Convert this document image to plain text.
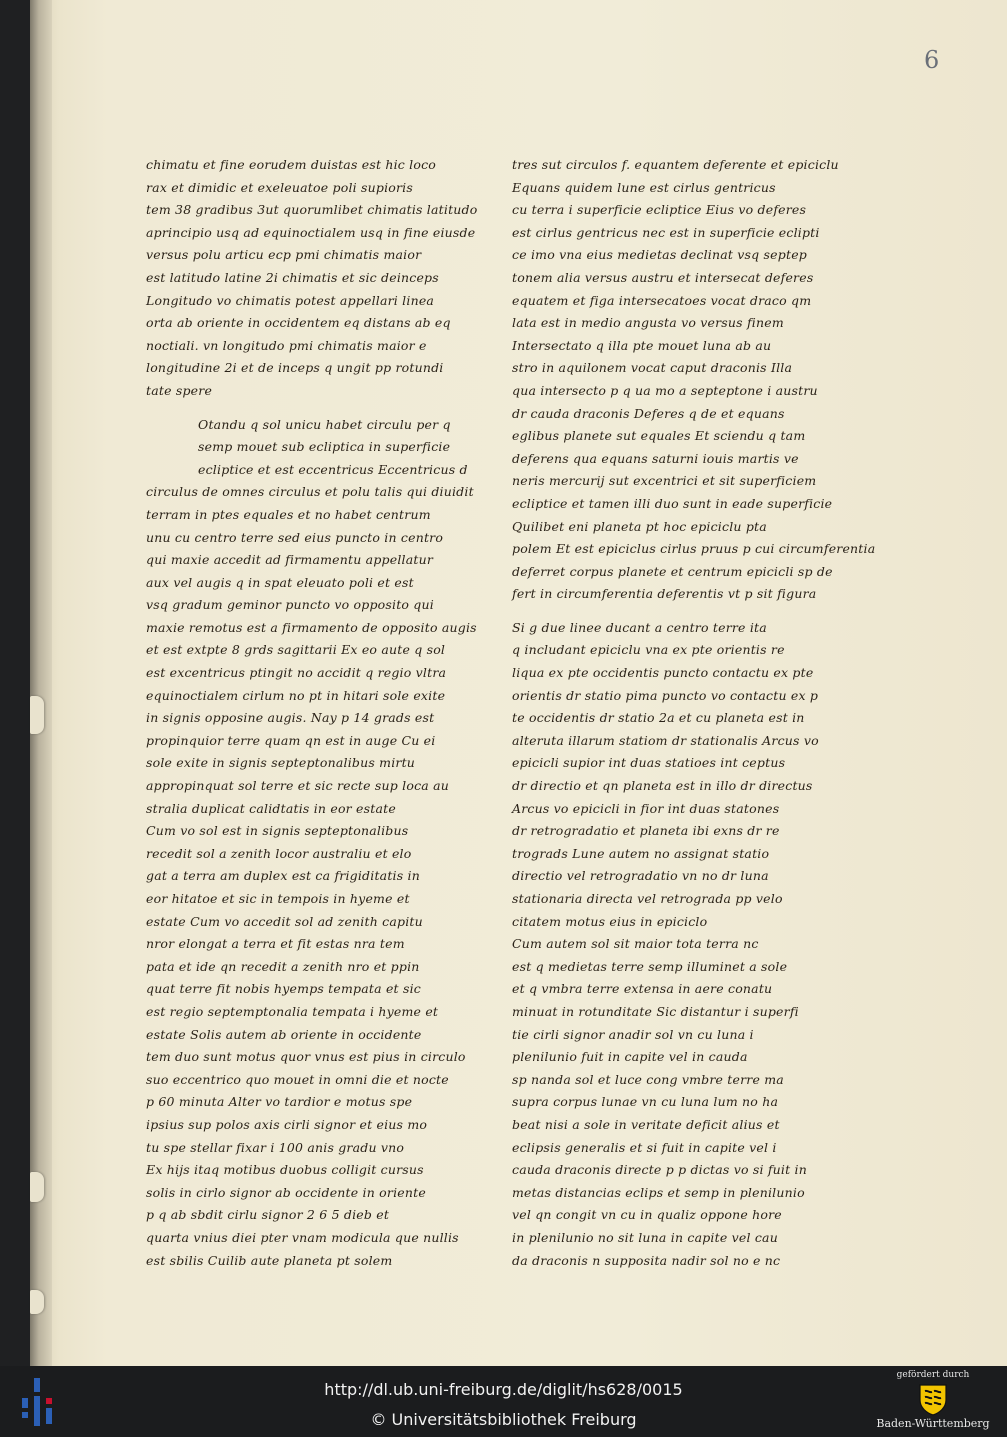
6
chimatu et fine eorudem duistas est hic loco
rax et dimidic et exeleuatoe poli supioris
tem 38 gradibus 3ut quorumlibet chimatis latitudo
aprincipio usq ad equinoctialem usq in fine eiusde
versus polu articu ecp pmi chimatis maior
est latitudo latine 2i chimatis et sic deinceps
Longitudo vo chimatis potest appellari linea
orta ab oriente in occidentem eq distans ab eq
noctiali. vn longitudo pmi chimatis maior e
longitudine 2i et de inceps q ungit pp rotundi
tate spere
Otandu q sol unicu habet circulu per q
semp mouet sub ecliptica in superficie
ecliptice et est eccentricus Eccentricus d
circulus de omnes circulus et polu talis qui diuidit
terram in ptes equales et no habet centrum
unu cu centro terre sed eius puncto in centro
qui maxie accedit ad firmamentu appellatur
aux vel augis q in spat eleuato poli et est
vsq gradum geminor puncto vo opposito qui
maxie remotus est a firmamento de opposito augis
et est extpte 8 grds sagittarii Ex eo aute q sol
est excentricus ptingit no accidit q regio vltra
equinoctialem cirlum no pt in hitari sole exite
in signis opposine augis. Nay p 14 grads est
propinquior terre quam qn est in auge Cu ei
sole exite in signis septeptonalibus mirtu
appropinquat sol terre et sic recte sup loca au
stralia duplicat calidtatis in eor estate
Cum vo sol est in signis septeptonalibus
recedit sol a zenith locor australiu et elo
gat a terra am duplex est ca frigiditatis in
eor hitatoe et sic in tempois in hyeme et
estate Cum vo accedit sol ad zenith capitu
nror elongat a terra et fit estas nra tem
pata et ide qn recedit a zenith nro et ppin
quat terre fit nobis hyemps tempata et sic
est regio septemptonalia tempata i hyeme et
estate Solis autem ab oriente in occidente
tem duo sunt motus quor vnus est pius in circulo
suo eccentrico quo mouet in omni die et nocte
p 60 minuta Alter vo tardior e motus spe
ipsius sup polos axis cirli signor et eius mo
tu spe stellar fixar i 100 anis gradu vno
Ex hijs itaq motibus duobus colligit cursus
solis in cirlo signor ab occidente in oriente
p q ab sbdit cirlu signor 2 6 5 dieb et
quarta vnius diei pter vnam modicula que nullis
est sbilis Cuilib aute planeta pt solem
tres sut circulos f. equantem deferente et epiciclu
Equans quidem lune est cirlus gentricus
cu terra i superficie ecliptice Eius vo deferes
est cirlus gentricus nec est in superficie eclipti
ce imo vna eius medietas declinat vsq septep
tonem alia versus austru et intersecat deferes
equatem et figa intersecatoes vocat draco qm
lata est in medio angusta vo versus finem
Intersectato q illa pte mouet luna ab au
stro in aquilonem vocat caput draconis Illa
qua intersecto p q ua mo a septeptone i austru
dr cauda draconis Deferes q de et equans
eglibus planete sut equales Et sciendu q tam
deferens qua equans saturni iouis martis ve
neris mercurij sut excentrici et sit superficiem
ecliptice et tamen illi duo sunt in eade superficie
Quilibet eni planeta pt hoc epiciclu pta
polem Et est epiciclus cirlus pruus p cui circumferentia
deferret corpus planete et centrum epicicli sp de
fert in circumferentia deferentis vt p sit figura
Si g due linee ducant a centro terre ita
q includant epiciclu vna ex pte orientis re
liqua ex pte occidentis puncto contactu ex pte
orientis dr statio pima puncto vo contactu ex p
te occidentis dr statio 2a et cu planeta est in
alteruta illarum statiom dr stationalis Arcus vo
epicicli supior int duas statioes int ceptus
dr directio et qn planeta est in illo dr directus
Arcus vo epicicli in fior int duas statones
dr retrogradatio et planeta ibi exns dr re
trograds Lune autem no assignat statio
directio vel retrogradatio vn no dr luna
stationaria directa vel retrograda pp velo
citatem motus eius in epiciclo
Cum autem sol sit maior tota terra nc
est q medietas terre semp illuminet a sole
et q vmbra terre extensa in aere conatu
minuat in rotunditate Sic distantur i superfi
tie cirli signor anadir sol vn cu luna i
plenilunio fuit in capite vel in cauda
sp nanda sol et luce cong vmbre terre ma
supra corpus lunae vn cu luna lum no ha
beat nisi a sole in veritate deficit alius et
eclipsis generalis et si fuit in capite vel i
cauda draconis directe p p dictas vo si fuit in
metas distancias eclips et semp in plenilunio
vel qn congit vn cu in qualiz oppone hore
in plenilunio no sit luna in capite vel cau
da draconis n supposita nadir sol no e nc
http://dl.ub.uni-freiburg.de/diglit/hs628/0015
© Universitätsbibliothek Freiburg
gefördert durch
Baden-Württemberg
